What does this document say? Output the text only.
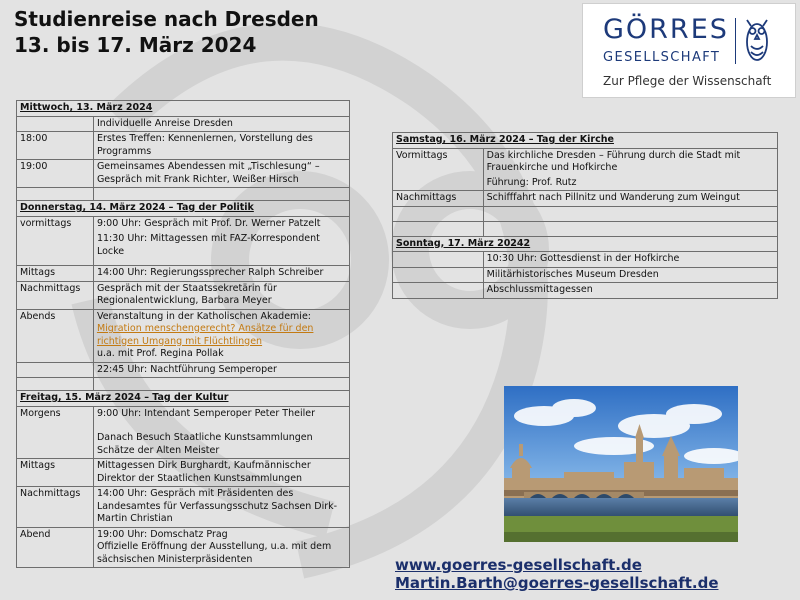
Studienreise nach Dresden
13. bis 17. März 2024	GÖRRES
GESELLSCHAFT
Zur Pflege der Wissenschaft
Mittwoch, 13. März 2024	
	Individuelle Anreise Dresden
18:00	Erstes Treffen: Kennenlernen, Vorstellung des Programms
19:00	Gemeinsames Abendessen mit „Tischlesung“ – Gespräch mit Frank Richter, Weißer Hirsch

Donnerstag, 14. März 2024 – Tag der Politik	
vormittags	9:00 Uhr: Gespräch mit Prof. Dr. Werner Patzelt
11:30 Uhr: Mittagessen mit FAZ-Korrespondent Locke

Mittags	14:00 Uhr: Regierungssprecher Ralph Schreiber
Nachmittags	Gespräch mit der Staatssekretärin für Regionalentwicklung, Barbara Meyer
Abends	Veranstaltung in der Katholischen Akademie:
Migration menschengerecht? Ansätze für den richtigen Umgang mit Flüchtlingen
u.a. mit Prof. Regina Pollak

	22:45 Uhr: Nachtführung Semperoper

Freitag, 15. März 2024 – Tag der Kultur	
Morgens	9:00 Uhr: Intendant Semperoper Peter Theiler
Danach Besuch Staatliche Kunstsammlungen Schätze der Alten Meister

Mittags	Mittagessen Dirk Burghardt, Kaufmännischer Direktor der Staatlichen Kunstsammlungen
Nachmittags	14:00 Uhr: Gespräch mit Präsidenten des Landesamtes für Verfassungsschutz Sachsen Dirk-Martin Christian
Abend	19:00 Uhr: Domschatz Prag
Offizielle Eröffnung der Ausstellung, u.a. mit dem sächsischen Ministerpräsidenten
Samstag, 16. März 2024 – Tag der Kirche	
Vormittags	Das kirchliche Dresden – Führung durch die Stadt mit Frauenkirche und Hofkirche
Führung: Prof. Rutz

Nachmittags	Schifffahrt nach Pillnitz und Wanderung zum Weingut

Sonntag, 17. März 20242	
	10:30 Uhr: Gottesdienst in der Hofkirche
	Militärhistorisches Museum Dresden
	Abschlussmittagessen
www.goerres-gesellschaft.de
Martin.Barth@goerres-gesellschaft.de
